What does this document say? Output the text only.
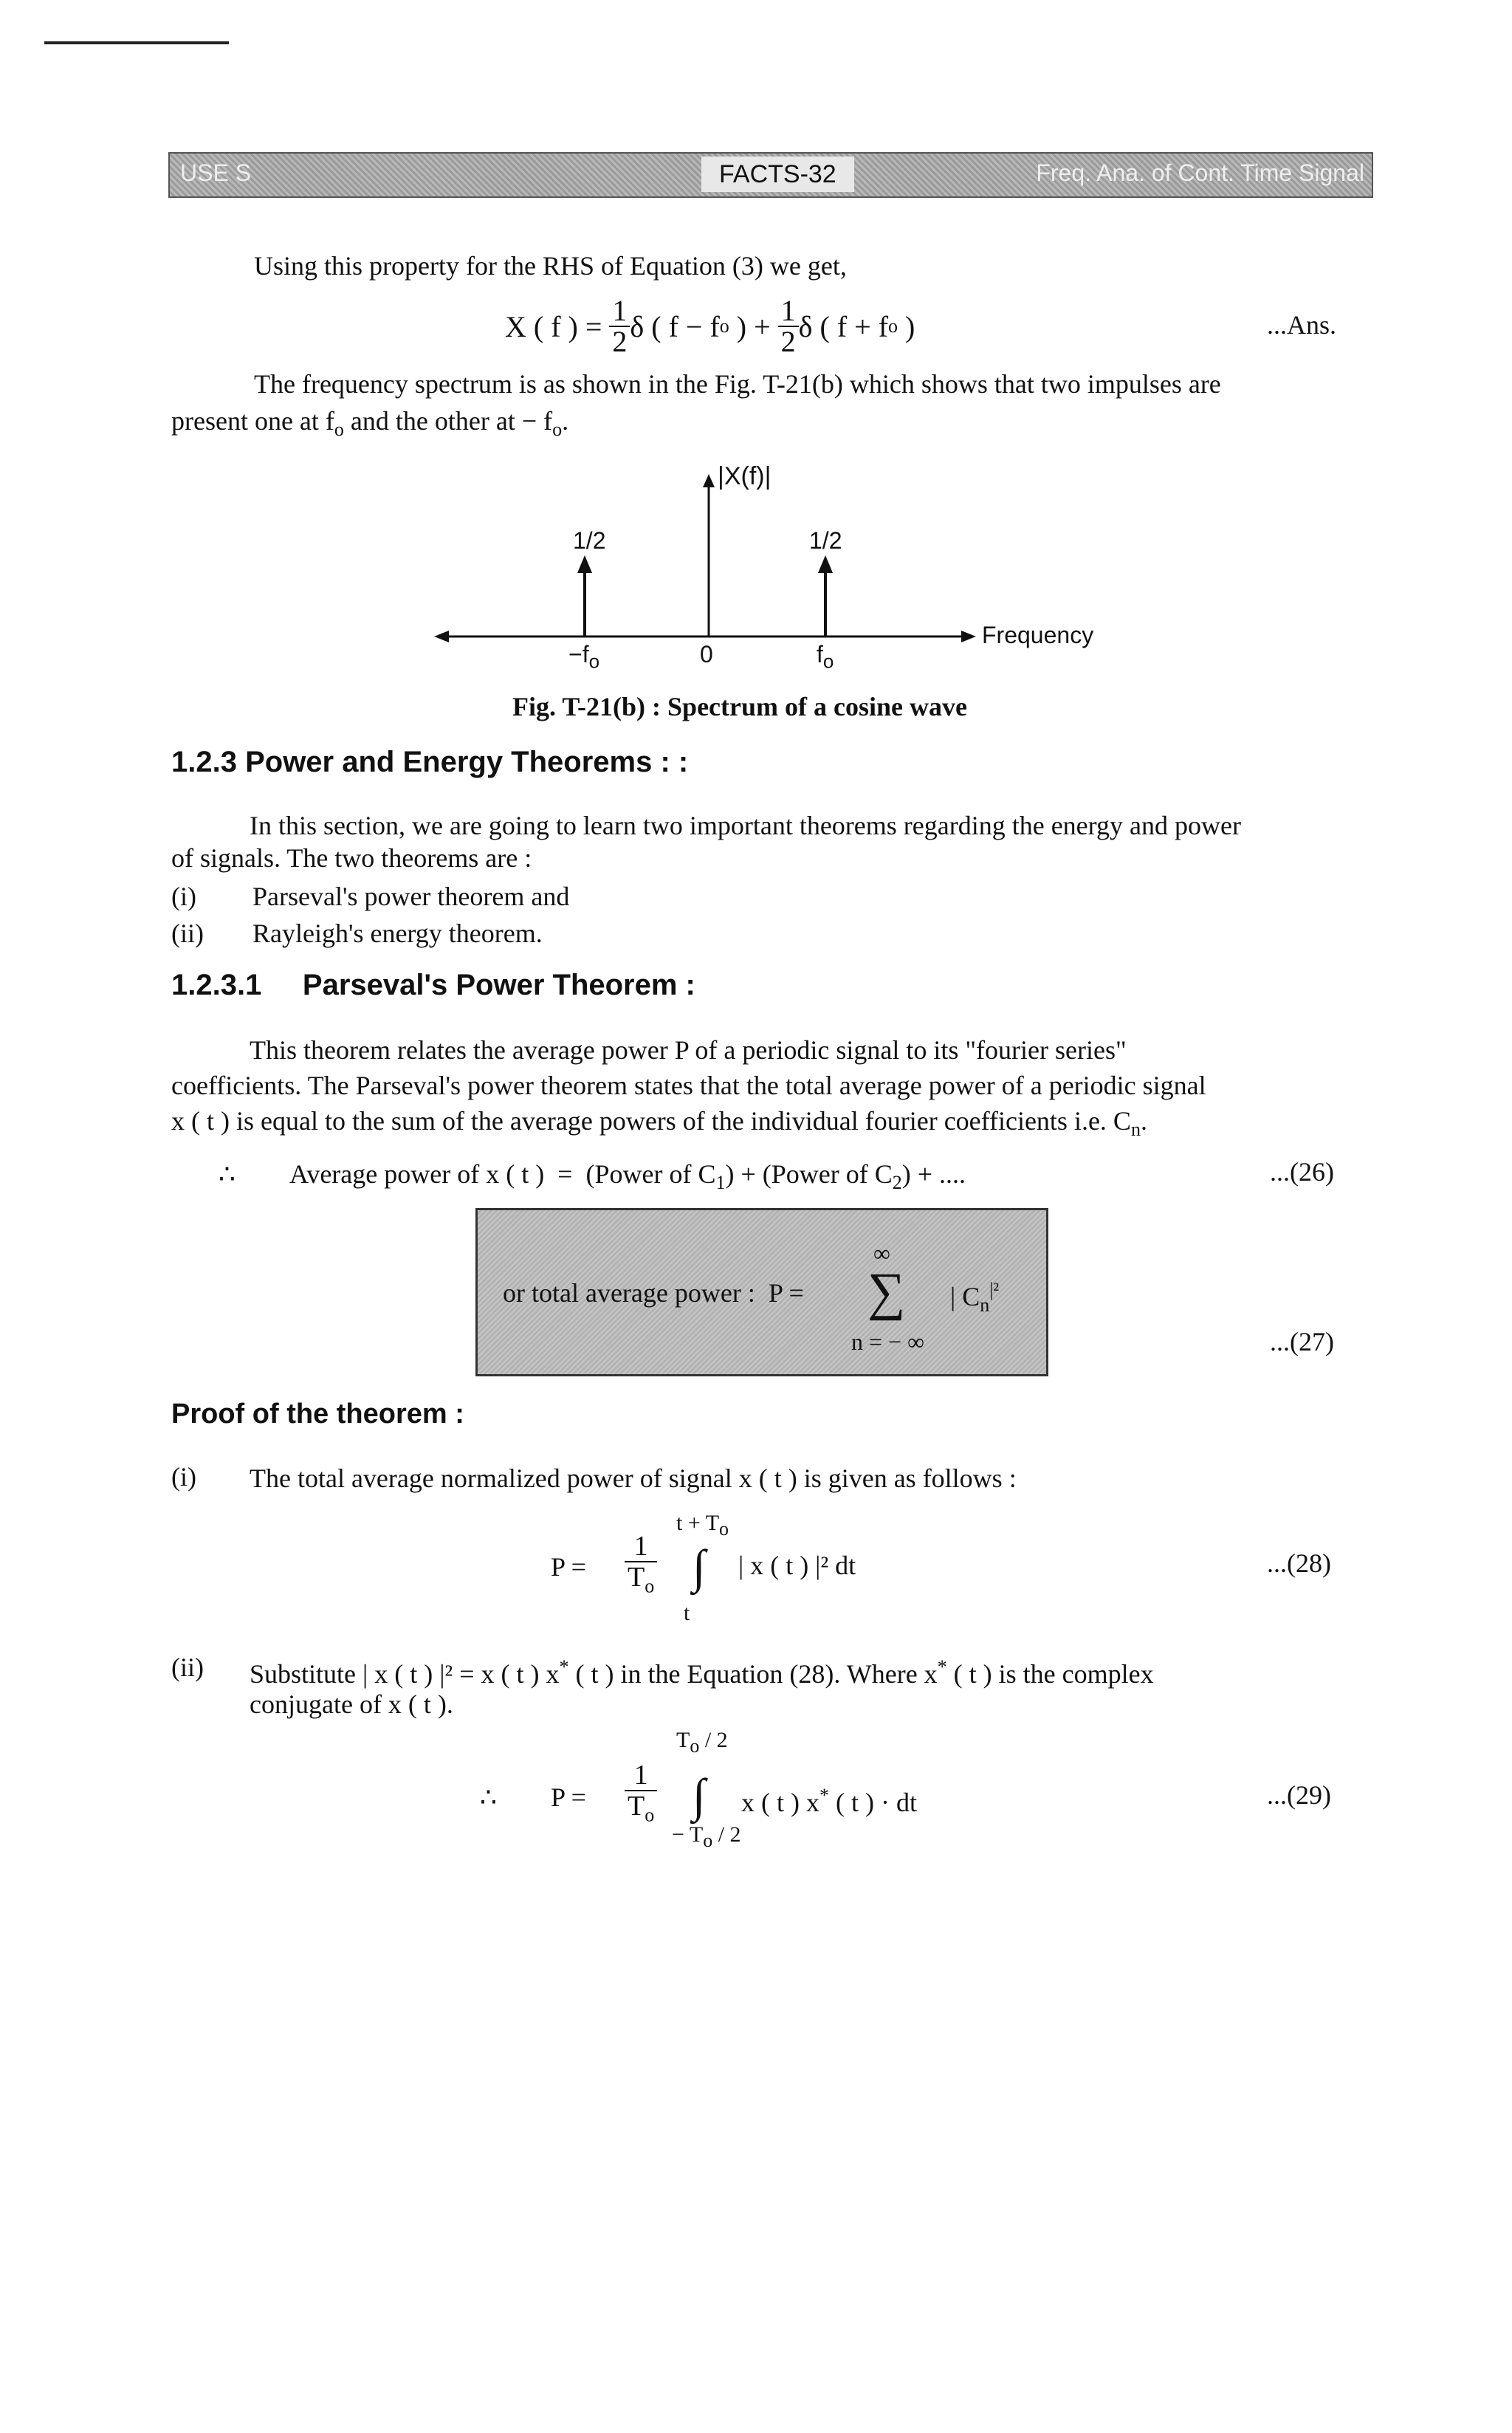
USE S	FACTS-32	Freq. Ana. of Cont. Time Signal
Using this property for the RHS of Equation (3) we get,
X ( f ) =
$\frac{1}{2}$ δ ( f − f o ) + $\frac{1}{2}$ δ ( f + f o )	...Ans.
The frequency spectrum is as shown in the Fig. T-21(b) which shows that two impulses are
present one at $f_o$ and the other at − $f_o$.
|X(f)|
Frequency
1/2	1/2
$-f_o$	0	$f_o$
Fig. T-21(b) : Spectrum of a cosine wave
1.2.3 Power and Energy Theorems : :
In this section, we are going to learn two important theorems regarding the energy and power
of signals. The two theorems are :
(i) Parseval's power theorem and
(ii) Rayleigh's energy theorem.
1.2.3.1     Parseval's Power Theorem :
This theorem relates the average power P of a periodic signal to its "fourier series"
coefficients. The Parseval's power theorem states that the total average power of a periodic signal
x ( t ) is equal to the sum of the average powers of the individual fourier coefficients i.e. $C_n$.
∴ Average power of x ( t )  =  (Power of $C_1$) + (Power of $C_2$) + ....	...(26)
or total average power :  P =
∞
∑
n = − ∞
| $C_n^{|^2}$
...(27)
Proof of the theorem :
(i) The total average normalized power of signal x ( t ) is given as follows :
$t + T_o$
$P = \frac{1}{T_o}$ ∫
t
| x ( t ) |² dt	...(28)
(ii) Substitute | x ( t ) |² = x ( t ) x* ( t ) in the Equation (28). Where x* ( t ) is the complex
conjugate of x ( t ).
$T_o / 2$
∴ $P = \frac{1}{T_o}$ ∫
− $T_o / 2$
x ( t ) x* ( t ) · dt	...(29)
